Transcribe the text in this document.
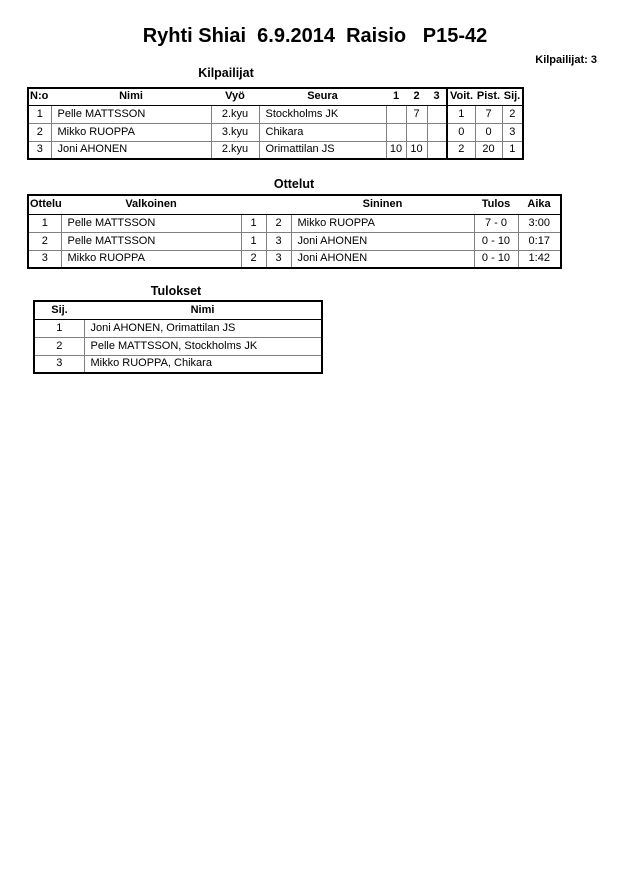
Ryhti Shiai  6.9.2014  Raisio   P15-42
Kilpailijat: 3
Kilpailijat
N:o	Nimi	Vyö	Seura	1	2	3	Voit.	Pist.	Sij.
1	Pelle MATTSSON	2.kyu	Stockholms JK		7		1	7	2
2	Mikko RUOPPA	3.kyu	Chikara				0	0	3
3	Joni AHONEN	2.kyu	Orimattilan JS	10	10		2	20	1
Ottelut
Ottelu	Valkoinen			Sininen	Tulos	Aika
1	Pelle MATTSSON	1	2	Mikko RUOPPA	7 - 0	3:00
2	Pelle MATTSSON	1	3	Joni AHONEN	0 - 10	0:17
3	Mikko RUOPPA	2	3	Joni AHONEN	0 - 10	1:42
Tulokset
Sij.	Nimi
1	Joni AHONEN, Orimattilan JS
2	Pelle MATTSSON, Stockholms JK
3	Mikko RUOPPA, Chikara
